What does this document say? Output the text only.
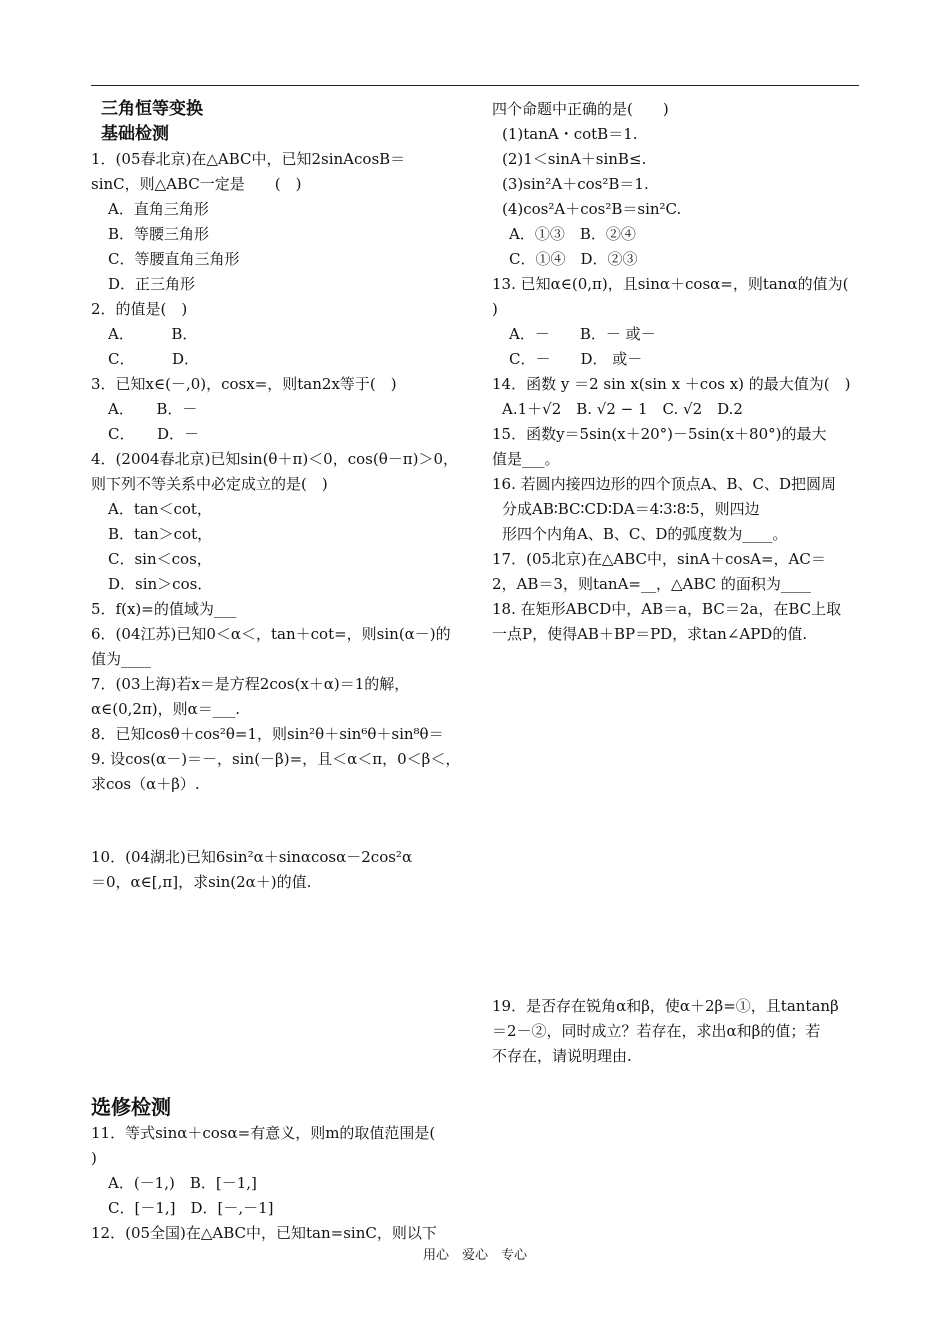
三角恒等变换
基础检测
1．(05春北京)在△ABC中，已知2sinAcosB＝
sinC，则△ABC一定是　　(　)
A．直角三角形
B．等腰三角形
C．等腰直角三角形
D．正三角形
2．的值是(　)
A．　　　B．
C．　　　D．
3．已知x∈(－,0)，cosx=，则tan2x等于(　)
A．　　B．－
C．　　D．－
4．(2004春北京)已知sin(θ＋π)＜0，cos(θ－π)＞0，
则下列不等关系中必定成立的是(　)
A．tan＜cot，
B．tan＞cot，
C．sin＜cos，
D．sin＞cos．
5．f(x)=的值域为___
6．(04江苏)已知0＜α＜，tan＋cot=，则sin(α－)的
值为____
7．(03上海)若x＝是方程2cos(x＋α)＝1的解，
α∈(0,2π)，则α＝___.
8．已知cosθ＋cos²θ=1，则sin²θ＋sin⁶θ＋sin⁸θ＝
9. 设cos(α－)＝－，sin(－β)=，且＜α＜π，0＜β＜，
求cos（α＋β）.
10．(04湖北)已知6sin²α＋sinαcosα－2cos²α
＝0，α∈[,π]，求sin(2α＋)的值.
选修检测
11．等式sinα＋cosα=有意义，则m的取值范围是(
)
A．(－1,)　B．[－1,]
C．[－1,]　D．[－,－1]
12．(05全国)在△ABC中，已知tan=sinC，则以下
四个命题中正确的是(　　)
(1)tanA・cotB＝1.
(2)1＜sinA＋sinB≤.
(3)sin²A＋cos²B＝1.
(4)cos²A＋cos²B＝sin²C.
A．①③　B．②④
C．①④　D．②③
13. 已知α∈(0,π)，且sinα＋cosα=，则tanα的值为(
)
A．－　　B．－ 或－
C．－　　D． 或－
14．函数 y ＝2 sin x(sin x ＋cos x) 的最大值为(　)
A.1＋√2　B. √2 − 1　C. √2　D.2
15．函数y＝5sin(x＋20°)－5sin(x＋80°)的最大
值是___。
16. 若圆内接四边形的四个顶点A、B、C、D把圆周
分成AB∶BC∶CD∶DA＝4∶3∶8∶5，则四边
形四个内角A、B、C、D的弧度数为____。
17．(05北京)在△ABC中，sinA＋cosA=，AC＝
2，AB＝3，则tanA=__，△ABC 的面积为____
18. 在矩形ABCD中，AB＝a，BC＝2a，在BC上取
一点P，使得AB＋BP＝PD，求tan∠APD的值.
19．是否存在锐角α和β，使α＋2β=①，且tantanβ
＝2－②，同时成立？若存在，求出α和β的值；若
不存在，请说明理由.
用心　爱心　专心
